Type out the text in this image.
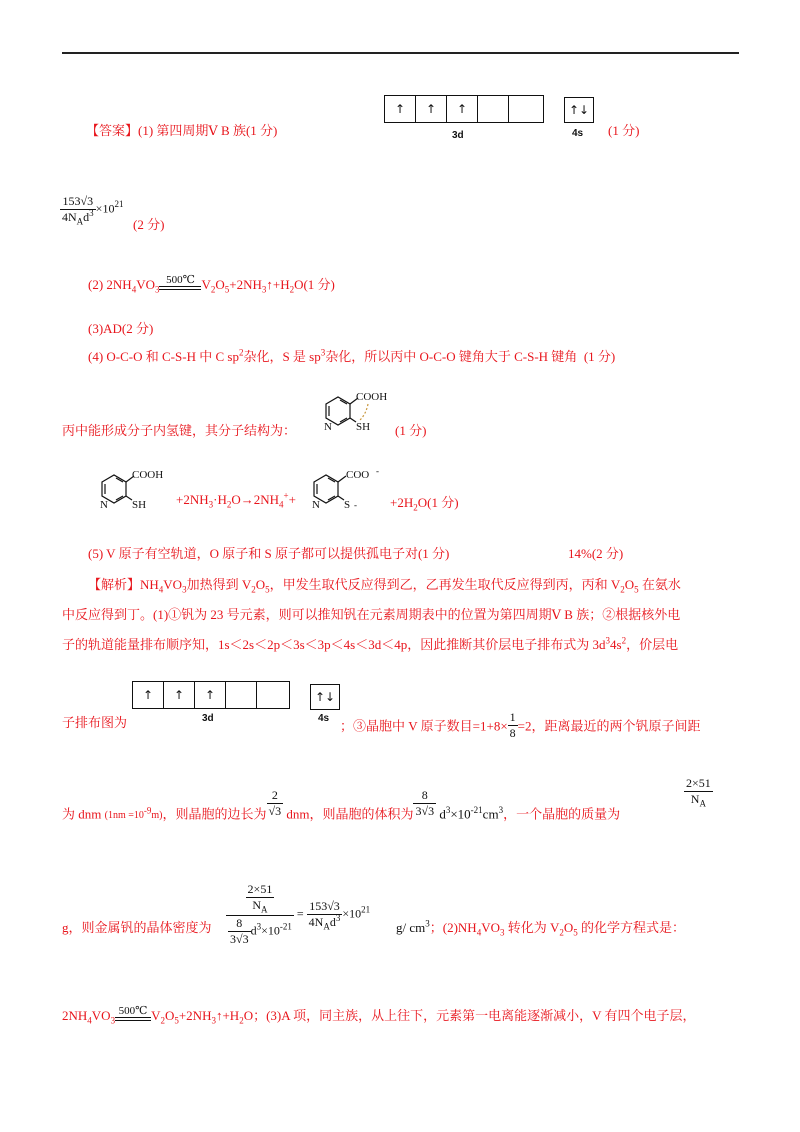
【答案】(1) 第四周期Ⅴ B 族(1 分)
↑	↑	↑
3d
↑↓
4s (1 分)
$\frac{153√3}{4N_Ad^3} \times 10^{21}$
(2 分)
(2) $2NH_4VO_3$
500℃ $V_2O_5+2NH_3↑+H_2O(1$ 分)
(3)AD(2 分)
(4) O-C-O 和 C-S-H 中 C $sp^2$杂化，S 是 $sp^3$杂化，所以丙中 O-C-O 键角大于 C-S-H 键角 (1 分)
丙中能形成分子内氢键，其分子结构为：
COOH
N SH (1 分)
COOH
N SH $+2NH_3\cdot H_2O\to 2NH_4^++$
COO -
N S -	$+2H_2O(1$ 分)
(5) V 原子有空轨道，O 原子和 S 原子都可以提供孤电子对(1 分)	14%(2 分)
【解析】$NH_4VO_3$加热得到 $V_2O_5$，甲发生取代反应得到乙，乙再发生取代反应得到丙，丙和 $V_2O_5$ 在氨水
中反应得到丁。(1)①钒为 23 号元素，则可以推知钒在元素周期表中的位置为第四周期Ⅴ B 族；②根据核外电
子的轨道能量排布顺序知，1s＜2s＜2p＜3s＜3p＜4s＜3d＜4p，因此推断其价层电子排布式为 $3d^34s^2$，价层电
子排布图为
↑	↑	↑
3d
↑↓
4s ；③晶胞中 V 原子数目$=1+8\times \frac{1}{8} =2$，距离最近的两个钒原子间距
为 dnm $(1nm =10^{-9}m)$，则晶胞的边长为 $\frac{2}{√3}$ dnm，则晶胞的体积为 $\frac{8}{3√3} d^3\times 10^{-21}cm^3$，一个晶胞的质量为
$\frac{2\times 51}{N_A}$
g，则金属钒的晶体密度为 $\frac{\frac{2\times 51}{N_A}}{\frac{8}{3√3} d^3\times 10^{-21}} = \frac{153√3}{4N_Ad^3} \times 10^{21}$
g/ $cm^3$；$(2)NH_4VO_3$ 转化为 $V_2O_5$ 的化学方程式是：
$2NH_4VO_3$
500℃ $V_2O_5+2NH_3↑+H_2O$；(3)A 项，同主族，从上往下，元素第一电离能逐渐减小，V 有四个电子层，
